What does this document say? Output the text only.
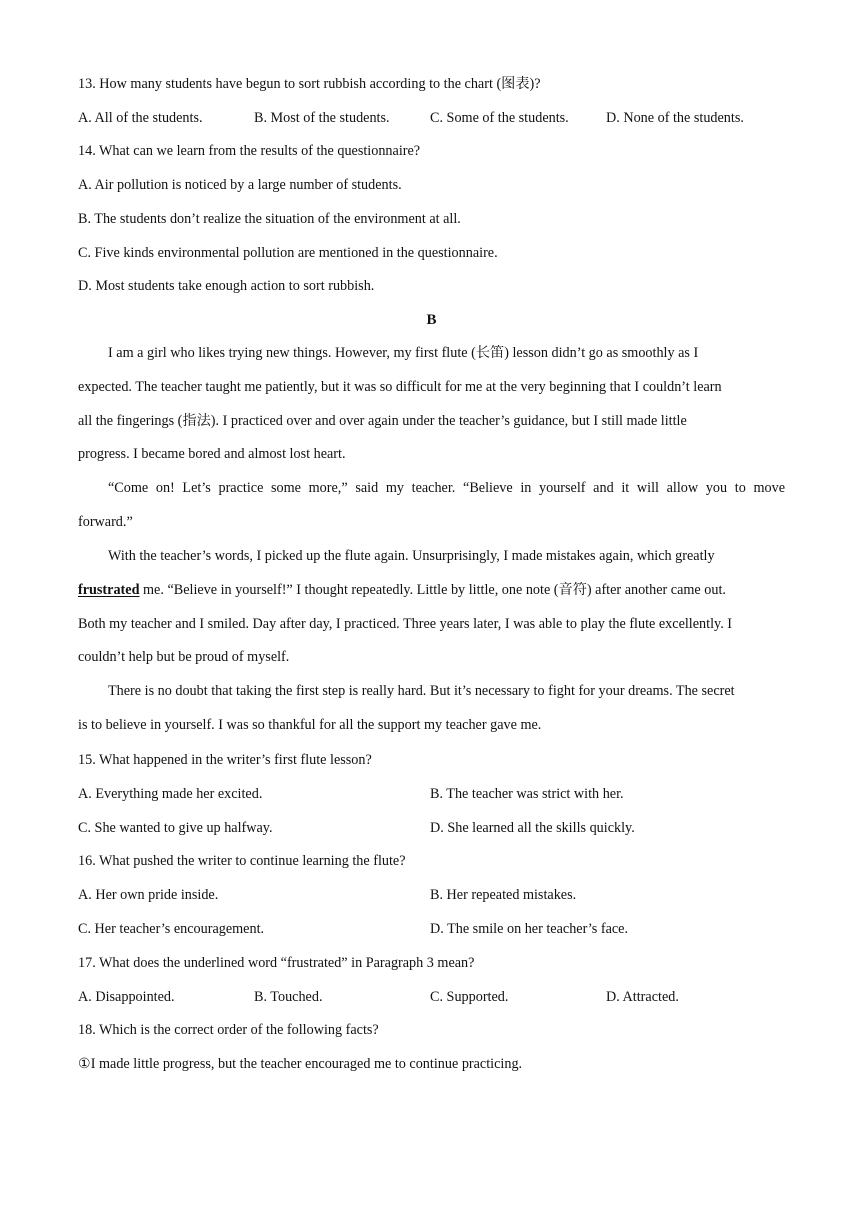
13. How many students have begun to sort rubbish according to the chart (图表)?
A. All of the students.	B. Most of the students.	C. Some of the students.	D. None of the students.
14. What can we learn from the results of the questionnaire?
A. Air pollution is noticed by a large number of students.
B. The students don’t realize the situation of the environment at all.
C. Five kinds environmental pollution are mentioned in the questionnaire.
D. Most students take enough action to sort rubbish.
B
I am a girl who likes trying new things. However, my first flute (长笛) lesson didn’t go as smoothly as I
expected. The teacher taught me patiently, but it was so difficult for me at the very beginning that I couldn’t learn
all the fingerings (指法). I practiced over and over again under the teacher’s guidance, but I still made little
progress. I became bored and almost lost heart.
“Come on! Let’s practice some more,” said my teacher. “Believe in yourself and it will allow you to move
forward.”
With the teacher’s words, I picked up the flute again. Unsurprisingly, I made mistakes again, which greatly
frustrated me. “Believe in yourself!” I thought repeatedly. Little by little, one note (音符) after another came out.
Both my teacher and I smiled. Day after day, I practiced. Three years later, I was able to play the flute excellently. I
couldn’t help but be proud of myself.
There is no doubt that taking the first step is really hard. But it’s necessary to fight for your dreams. The secret
is to believe in yourself. I was so thankful for all the support my teacher gave me.
15. What happened in the writer’s first flute lesson?
A. Everything made her excited.	B. The teacher was strict with her.
C. She wanted to give up halfway.	D. She learned all the skills quickly.
16. What pushed the writer to continue learning the flute?
A. Her own pride inside.	B. Her repeated mistakes.
C. Her teacher’s encouragement.	D. The smile on her teacher’s face.
17. What does the underlined word “frustrated” in Paragraph 3 mean?
A. Disappointed.	B. Touched.	C. Supported.	D. Attracted.
18. Which is the correct order of the following facts?
①I made little progress, but the teacher encouraged me to continue practicing.
